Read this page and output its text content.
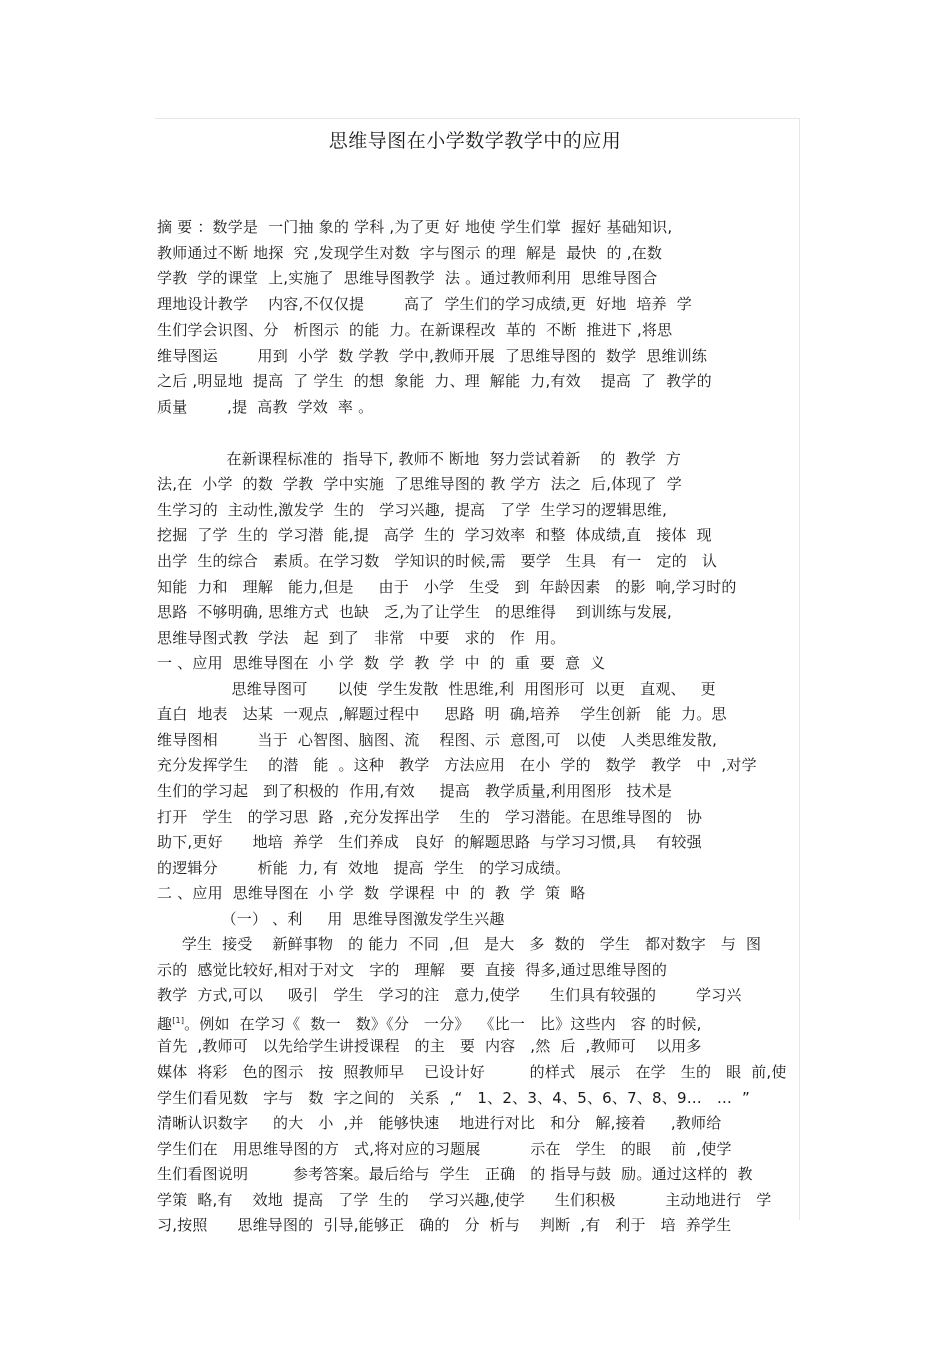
思维导图在小学数学教学中的应用
摘 要 ：数学是  一门抽 象的 学科 ,为了更 好 地使 学生们掌  握好 基础知识,
教师通过不断 地探  究 ,发现学生对数  字与图示 的理  解是  最快  的 ,在数
学教  学的课堂  上,实施了  思维导图教学  法 。通过教师利用  思维导图合
理地设计教学    内容,不仅仅提        高了  学生们的学习成绩,更  好地  培养  学
生们学会识图、分   析图示  的能  力。在新课程改  革的  不断  推进下 ,将思
维导图运        用到  小学  数 学教  学中,教师开展  了思维导图的  数学  思维训练
之后 ,明显地  提高  了 学生  的想  象能  力、理  解能  力,有效    提高  了  教学的
质量        ,提  高教  学效  率 。
在新课程标准的  指导下, 教师不 断地  努力尝试着新    的  教学  方
法,在  小学  的数  学教  学中实施  了思维导图的 教 学方  法之  后,体现了  学
生学习的  主动性,激发学  生的   学习兴趣,  提高   了学  生学习的逻辑思维,
挖掘  了学  生的  学习潜  能,提   高学  生的  学习效率  和整  体成绩,直   接体  现
出学  生的综合   素质。在学习数   学知识的时候,需   要学   生具   有一   定的   认
知能  力和   理解   能力,但是     由于   小学   生受   到  年龄因素   的影  响,学习时的
思路  不够明确, 思维方式  也缺   乏,为了让学生   的思维得    到训练与发展,
思维导图式教  学法   起  到了   非常   中要   求的   作  用。
一 、应用  思维导图在  小 学  数  学  教  学  中  的  重  要  意  义
思维导图可      以使  学生发散  性思维,利  用图形可  以更   直观、   更
直白  地表   达某  一观点  ,解题过程中     思路  明  确,培养    学生创新   能  力。思
维导图相        当于  心智图、脑图、流    程图、示  意图,可   以使   人类思维发散,
充分发挥学生    的潜   能  。这种   教学   方法应用   在小  学的   数学   教学   中  ,对学
生们的学习起   到了积极的  作用,有效     提高   教学质量,利用图形   技术是
打开   学生   的学习思  路  ,充分发挥出学    生的   学习潜能。在思维导图的   协
助下,更好      地培  养学   生们养成   良好  的解题思路  与学习习惯,具    有较强
的逻辑分        析能  力, 有  效地   提高  学生   的学习成绩。
二 、应用  思维导图在  小 学  数  学课程  中  的  教  学  策  略
（一） 、利     用  思维导图激发学生兴趣
学生  接受    新鲜事物   的 能力  不同  ,但   是大   多  数的   学生   都对数字   与  图
示的  感觉比较好,相对于对文   字的   理解   要  直接  得多,通过思维导图的
教学  方式,可以     吸引   学生   学习的注   意力,使学      生们具有较强的        学习兴
趣[1]。例如  在学习《  数一   数》《分   一分》  《比一   比》这些内   容 的时候,
首先  ,教师可   以先给学生讲授课程   的主   要  内容   ,然  后  ,教师可    以用多
媒体  将彩   色的图示   按  照教师早    已设计好         的样式   展示   在学   生的   眼  前,使
学生们看见数   字与   数  字之间的   关系  ,“   1、2、3、4、5、6、7、8、9…   …  ”
清晰认识数字     的大   小  ,并   能够快速    地进行对比   和分   解,接着     ,教师给
学生们在   用思维导图的方   式,将对应的习题展          示在   学生   的眼    前  ,使学
生们看图说明         参考答案。最后给与  学生   正确   的 指导与鼓  励。通过这样的  教
学策  略,有    效地  提高   了学  生的    学习兴趣,使学      生们积极          主动地进行   学
习,按照      思维导图的  引导,能够正   确的   分  析与    判断  ,有   利于   培  养学生
